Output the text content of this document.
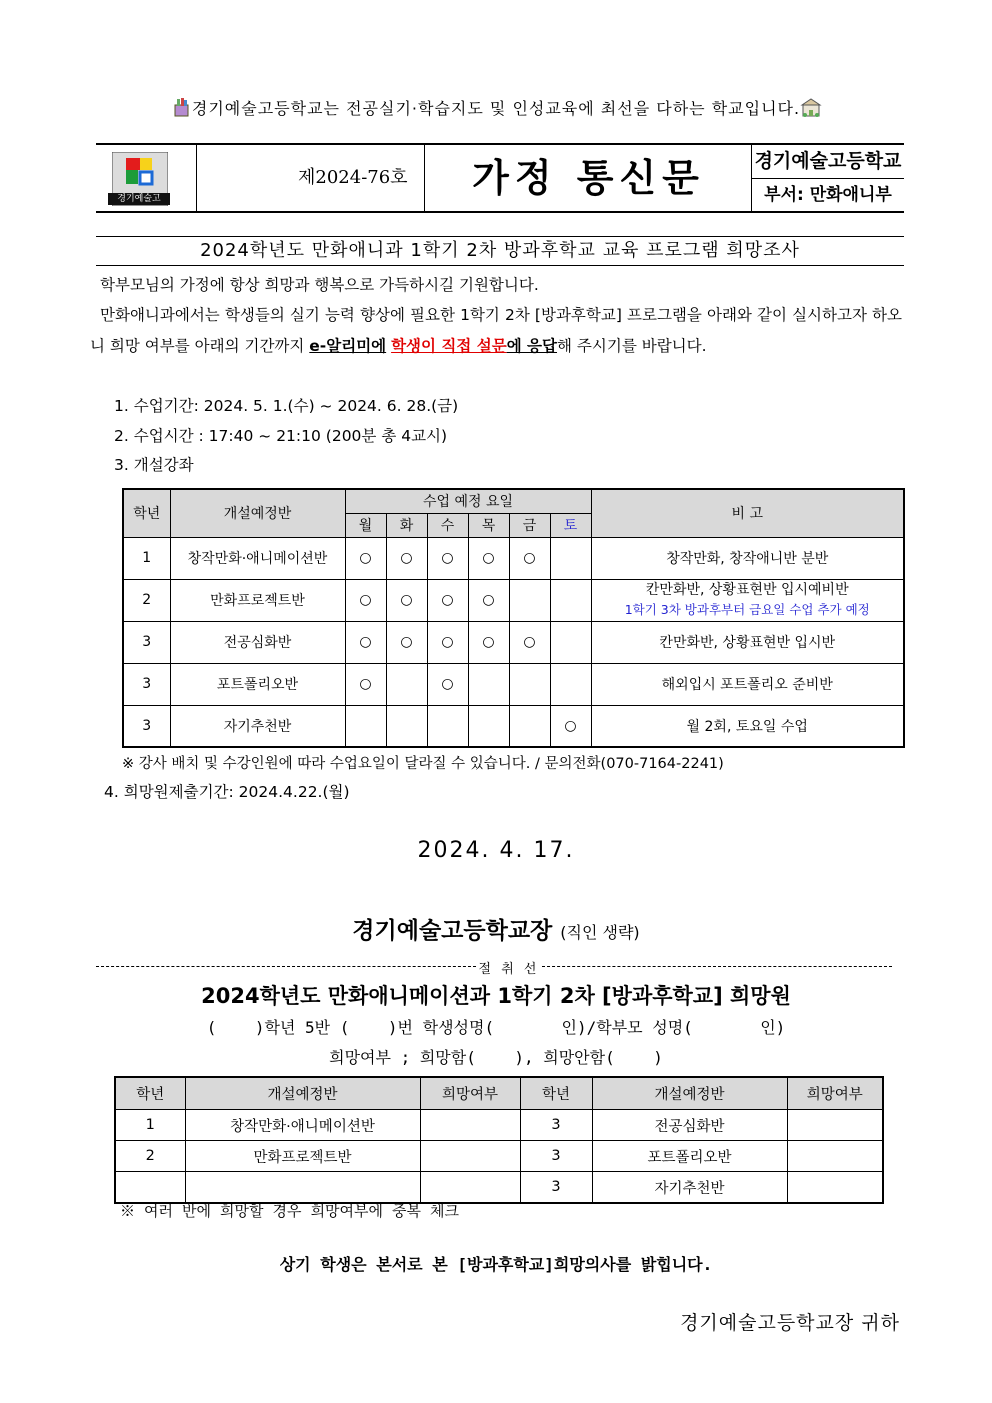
경기예술고등학교는 전공실기·학습지도 및 인성교육에 최선을 다하는 학교입니다.
경기예술고
제2024-76호	가정 통신문	경기예술고등학교
부서: 만화애니부
2024학년도 만화애니과 1학기 2차 방과후학교 교육 프로그램 희망조사
학부모님의 가정에 항상 희망과 행복으로 가득하시길 기원합니다.
만화애니과에서는 학생들의 실기 능력 향상에 필요한 1학기 2차 [방과후학교] 프로그램을 아래와 같이 실시하고자 하오니 희망 여부를 아래의 기간까지 e-알리미에 학생이 직접 설문에 응답해 주시기를 바랍니다.
1. 수업기간: 2024. 5. 1.(수) ~ 2024. 6. 28.(금)
2. 수업시간 : 17:40 ~ 21:10 (200분 총 4교시)
3. 개설강좌
학년	개설예정반	수업 예정 요일						비 고
		월	화	수	목	금	토	
1	창작만화·애니메이션반	○	○	○	○	○		창작만화, 창작애니반 분반
2	만화프로젝트반	○	○	○	○			칸만화반, 상황표현반 입시예비반
1학기 3차 방과후부터 금요일 수업 추가 예정

3	전공심화반	○	○	○	○	○		칸만화반, 상황표현반 입시반
3	포트폴리오반	○		○				해외입시 포트폴리오 준비반
3	자기추천반						○	월 2회, 토요일 수업
※ 강사 배치 및 수강인원에 따라 수업요일이 달라질 수 있습니다. / 문의전화(070-7164-2241)
4. 희망원제출기간: 2024.4.22.(월)
2024. 4. 17.
경기예술고등학교장 (직인 생략)
절 취 선
2024학년도 만화애니메이션과 1학기 2차 [방과후학교] 희망원
(    )학년 5반 (    )번 학생성명(       인)/학부모 성명(       인)
희망여부 ; 희망함(    ), 희망안함(    )
학년	개설예정반	희망여부	학년	개설예정반	희망여부
1	창작만화·애니메이션반		3	전공심화반	
2	만화프로젝트반		3	포트폴리오반	
			3	자기추천반	
※ 여러 반에 희망할 경우 희망여부에 중복 체크
상기 학생은 본서로 본 [방과후학교]희망의사를 밝힙니다.
경기예술고등학교장 귀하
